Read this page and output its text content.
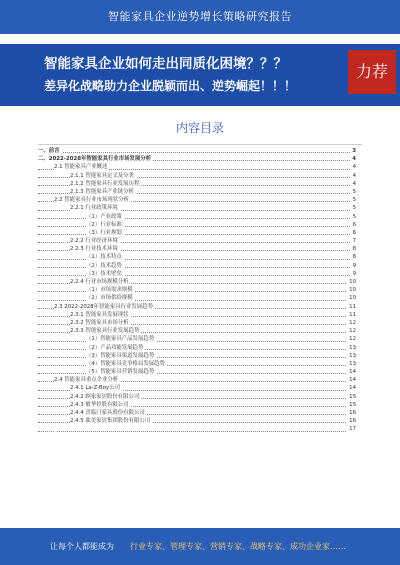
智能家具企业逆势增长策略研究报告
智能家具企业如何走出同质化困境？？？
差异化战略助力企业脱颖而出、逆势崛起！！！
力荐
内容目录
一、前言	3
二、2022-2028年智能家具行业市场发展分析	4
2.1 智能家具产业概述	4
2.1.1 智能家具定义及分类	4
2.1.2 智能家具行业发展历程	4
2.1.3 智能家具产业链分析	5
2.2 智能家具行业市场现状分析	5
2.2.1 行业政策环境	5
（1）产业政策	5
（2）行业标准	6
（3）行业规划	6
2.2.2 行业经济环境	7
2.2.3 行业技术环境	8
（1）技术特点	8
（2）技术趋势	9
（3）技术壁垒	9
2.2.4 行业市场规模分析	10
（1）市场需求规模	10
（2）市场供给规模	10
2.3 2022-2028年智能家具行业发展趋势	11
2.3.1 智能家具发展现状	11
2.3.2 智能家具市场分析	12
2.3.3 智能家具行业发展趋势	12
（1）智能家具产品发展趋势	12
（2）产品功能发展趋势	13
（3）智能家具渠道发展趋势	13
（4）智能家具竞争格局发展趋势	13
（5）智能家具营销发展趋势	14
2.4 智能家具重点企业分析	14
2.4.1 La-Z-Boy公司	14
2.4.2 顾家家居股份有限公司	15
2.4.3 敏华控股有限公司	15
2.4.4 喜临门家具股份有限公司	16
2.4.5 曲美家居集团股份有限公司	16
17
让每个人都能成为 行业专家、管理专家、营销专家、战略专家、成功企业家……
